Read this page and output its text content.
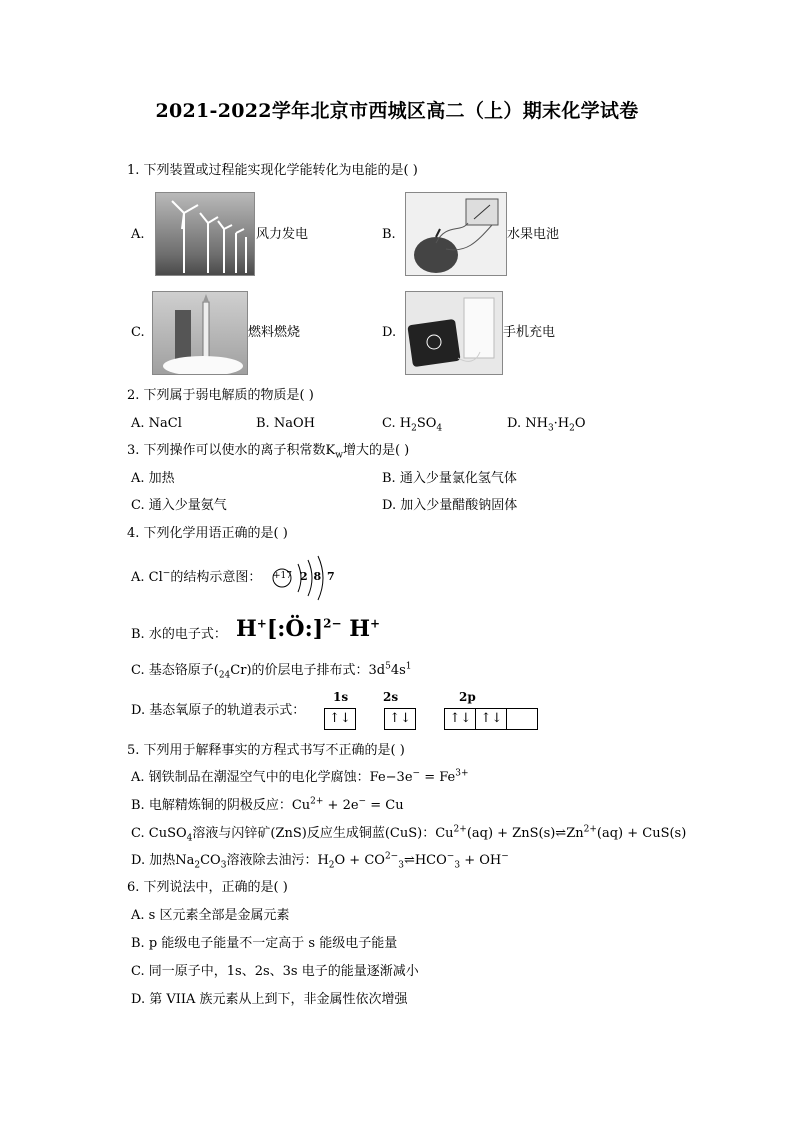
2021-2022学年北京市西城区高二（上）期末化学试卷
1. 下列装置或过程能实现化学能转化为电能的是( )
A.	风力发电	B.	水果电池
C.	燃料燃烧	D.	手机充电
2. 下列属于弱电解质的物质是( )
A. NaCl	B. NaOH	C. $H_2SO_4$	D. $NH_3\cdot H_2O$
3. 下列操作可以使水的离子积常数$K_w$增大的是( )
A. 加热	B. 通入少量氯化氢气体
C. 通入少量氨气	D. 加入少量醋酸钠固体
4. 下列化学用语正确的是( )
A. Cl−的结构示意图： +17 2 8 7
B. 水的电子式： H+[:Ö:]$^{2-}$ H+
C. 基态铬原子$(_{24}Cr)$的价层电子排布式：$3d^54s^1$
D. 基态氧原子的轨道表示式：
1s	2s	2p
↑↓	↑↓	↑↓ ↑↓
5. 下列用于解释事实的方程式书写不正确的是( )
A. 钢铁制品在潮湿空气中的电化学腐蚀：$Fe-3e^- = Fe^{3+}$
B. 电解精炼铜的阴极反应：$Cu^{2+} + 2e^- = Cu$
C. CuSO$_4$溶液与闪锌矿(ZnS)反应生成铜蓝(CuS)：$Cu^{2+}(aq)$ + $ZnS(s)\rightleftharpoons Zn^{2+}(aq) + CuS(s)$
D. 加热$Na_2CO_3$溶液除去油污：$H_2O$ + $CO^{2-}_3\rightleftharpoons HCO^-_3 + OH^-$
6. 下列说法中，正确的是( )
A. s 区元素全部是金属元素
B. p 能级电子能量不一定高于 s 能级电子能量
C. 同一原子中，1s、2s、3s 电子的能量逐渐减小
D. 第 VIIA 族元素从上到下，非金属性依次增强
